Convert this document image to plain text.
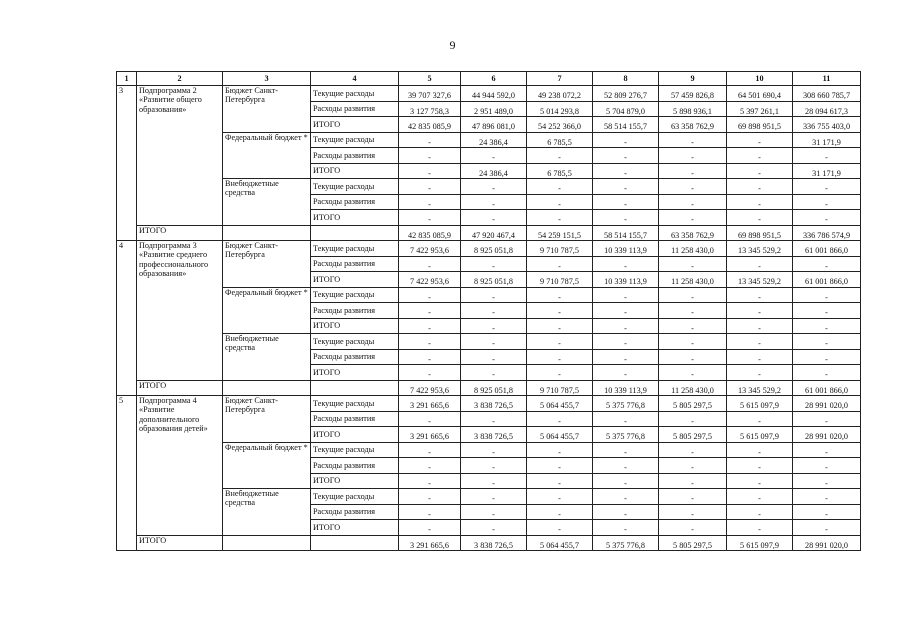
9
1	2	3	4	5	6	7	8	9	10	11
3	Подпрограмма 2 «Развитие общего образования»	Бюджет Санкт-Петербурга	Текущие расходы	39 707 327,6	44 944 592,0	49 238 072,2	52 809 276,7	57 459 826,8	64 501 690,4	308 660 785,7
			Расходы развития	3 127 758,3	2 951 489,0	5 014 293,8	5 704 879,0	5 898 936,1	5 397 261,1	28 094 617,3
			ИТОГО	42 835 085,9	47 896 081,0	54 252 366,0	58 514 155,7	63 358 762,9	69 898 951,5	336 755 403,0
		Федеральный бюджет *	Текущие расходы	-	24 386,4	6 785,5	-	-	-	31 171,9
			Расходы развития	-	-	-	-	-	-	-
			ИТОГО	-	24 386,4	6 785,5	-	-	-	31 171,9
		Внебюджетные средства	Текущие расходы	-	-	-	-	-	-	-
			Расходы развития	-	-	-	-	-	-	-
			ИТОГО	-	-	-	-	-	-	-
	ИТОГО			42 835 085,9	47 920 467,4	54 259 151,5	58 514 155,7	63 358 762,9	69 898 951,5	336 786 574,9
4	Подпрограмма 3 «Развитие среднего профессионального образования»	Бюджет Санкт-Петербурга	Текущие расходы	7 422 953,6	8 925 051,8	9 710 787,5	10 339 113,9	11 258 430,0	13 345 529,2	61 001 866,0
			Расходы развития	-	-	-	-	-	-	-
			ИТОГО	7 422 953,6	8 925 051,8	9 710 787,5	10 339 113,9	11 258 430,0	13 345 529,2	61 001 866,0
		Федеральный бюджет *	Текущие расходы	-	-	-	-	-	-	-
			Расходы развития	-	-	-	-	-	-	-
			ИТОГО	-	-	-	-	-	-	-
		Внебюджетные средства	Текущие расходы	-	-	-	-	-	-	-
			Расходы развития	-	-	-	-	-	-	-
			ИТОГО	-	-	-	-	-	-	-
	ИТОГО			7 422 953,6	8 925 051,8	9 710 787,5	10 339 113,9	11 258 430,0	13 345 529,2	61 001 866,0
5	Подпрограмма 4 «Развитие дополнительного образования детей»	Бюджет Санкт-Петербурга	Текущие расходы	3 291 665,6	3 838 726,5	5 064 455,7	5 375 776,8	5 805 297,5	5 615 097,9	28 991 020,0
			Расходы развития	-	-	-	-	-	-	-
			ИТОГО	3 291 665,6	3 838 726,5	5 064 455,7	5 375 776,8	5 805 297,5	5 615 097,9	28 991 020,0
		Федеральный бюджет *	Текущие расходы	-	-	-	-	-	-	-
			Расходы развития	-	-	-	-	-	-	-
			ИТОГО	-	-	-	-	-	-	-
		Внебюджетные средства	Текущие расходы	-	-	-	-	-	-	-
			Расходы развития	-	-	-	-	-	-	-
			ИТОГО	-	-	-	-	-	-	-
	ИТОГО			3 291 665,6	3 838 726,5	5 064 455,7	5 375 776,8	5 805 297,5	5 615 097,9	28 991 020,0
